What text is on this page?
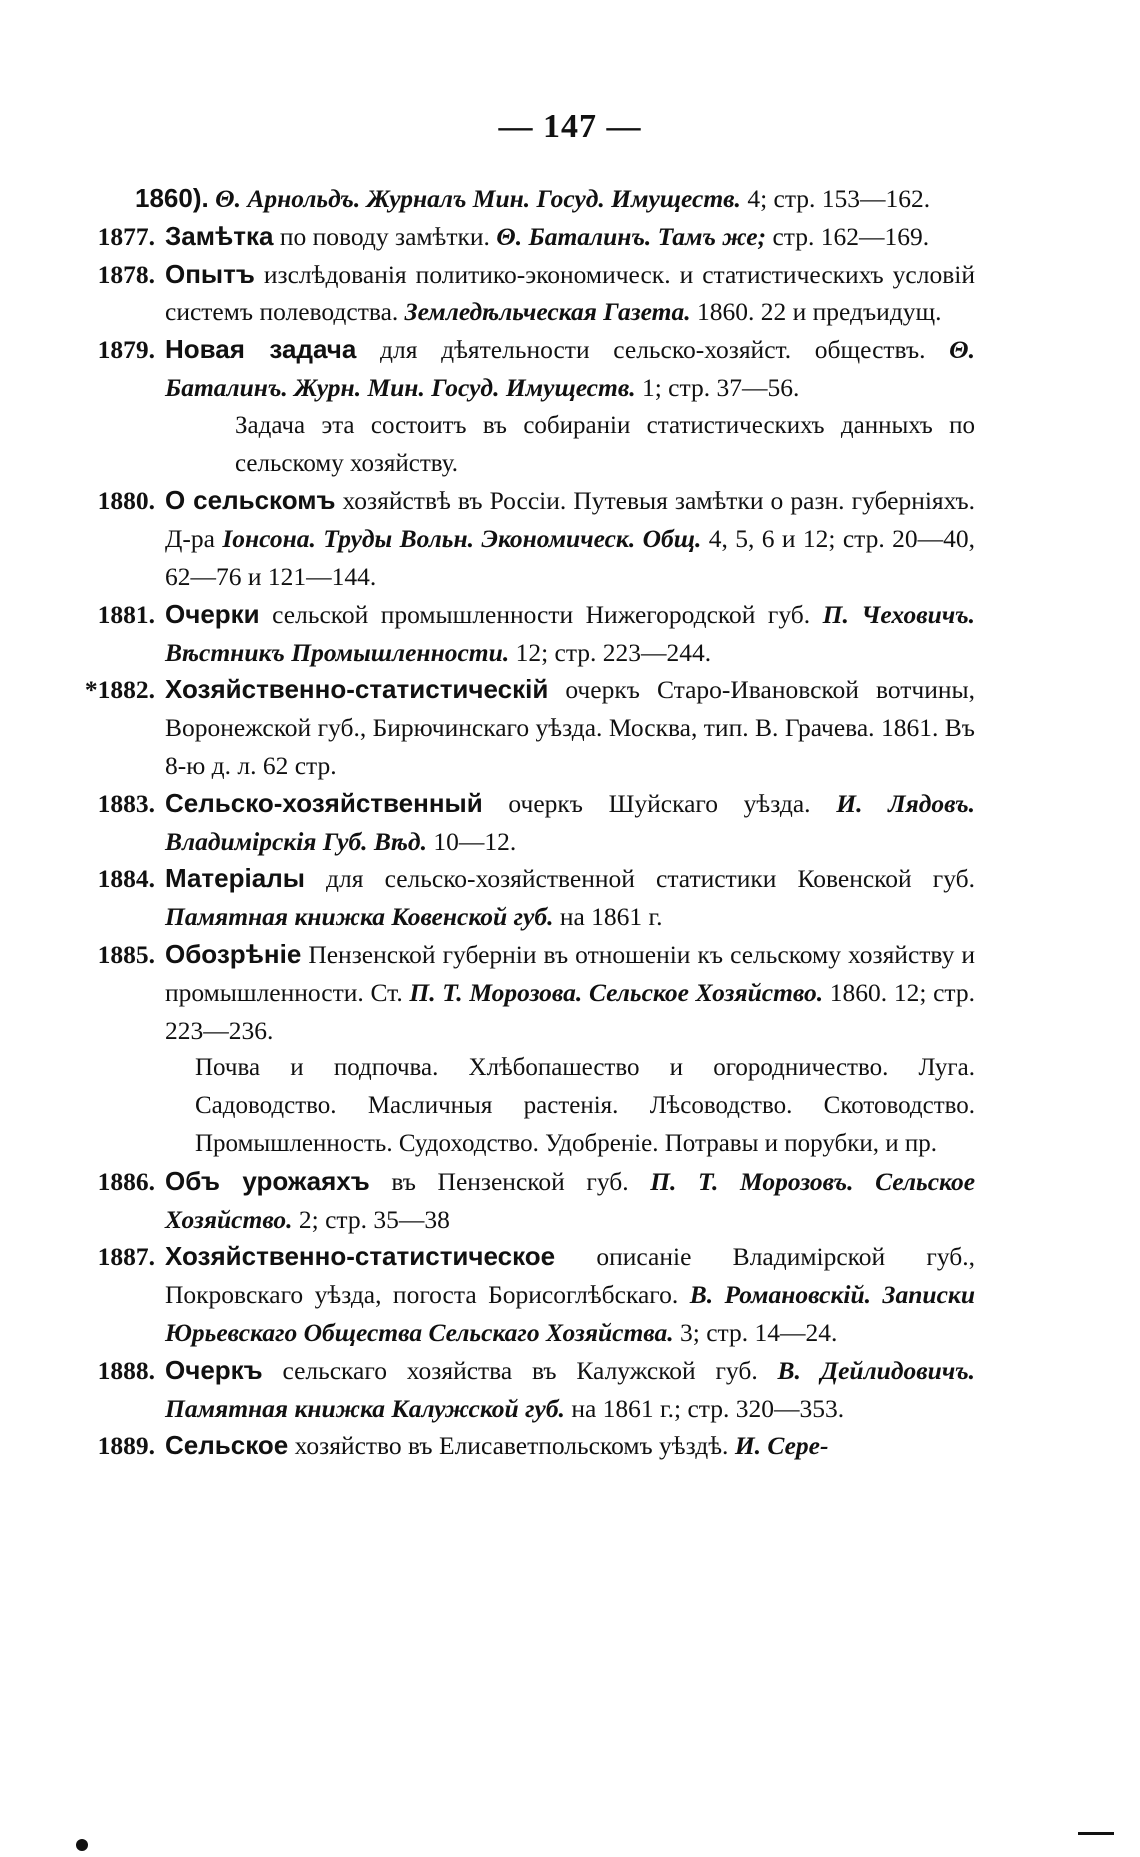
— 147 —
1860). Θ. Арнольдъ. Журналъ Мин. Госуд. Имуществ. 4; стр. 153—162.
1877. Замѣтка по поводу замѣтки. Θ. Баталинъ. Тамъ же; стр. 162—169.
1878. Опытъ изслѣдованія политико-экономическ. и статистическихъ условій системъ полеводства. Земледѣльческая Газета. 1860. 22 и предъидущ.
1879. Новая задача для дѣятельности сельско-хозяйст. обществъ. Θ. Баталинъ. Журн. Мин. Госуд. Имуществ. 1; стр. 37—56.
Задача эта состоитъ въ собираніи статистическихъ данныхъ по сельскому хозяйству.
1880. О сельскомъ хозяйствѣ въ Россіи. Путевыя замѣтки о разн. губерніяхъ. Д-ра Іонсона. Труды Вольн. Экономическ. Общ. 4, 5, 6 и 12; стр. 20—40, 62—76 и 121—144.
1881. Очерки сельской промышленности Нижегородской губ. П. Чеховичъ. Вѣстникъ Промышленности. 12; стр. 223—244.
*1882. Хозяйственно-статистическій очеркъ Старо-Ивановской вотчины, Воронежской губ., Бирючинскаго уѣзда. Москва, тип. В. Грачева. 1861. Въ 8-ю д. л. 62 стр.
1883. Сельско-хозяйственный очеркъ Шуйскаго уѣзда. И. Лядовъ. Владимірскія Губ. Вѣд. 10—12.
1884. Матеріалы для сельско-хозяйственной статистики Ковенской губ. Памятная книжка Ковенской губ. на 1861 г.
1885. Обозрѣніе Пензенской губерніи въ отношеніи къ сельскому хозяйству и промышленности. Ст. П. Т. Морозова. Сельское Хозяйство. 1860. 12; стр. 223—236.
Почва и подпочва. Хлѣбопашество и огородничество. Луга. Садоводство. Масличныя растенія. Лѣсоводство. Скотоводство. Промышленность. Судоходство. Удобреніе. Потравы и порубки, и пр.
1886. Объ урожаяхъ въ Пензенской губ. П. Т. Морозовъ. Сельское Хозяйство. 2; стр. 35—38
1887. Хозяйственно-статистическое описаніе Владимірской губ., Покровскаго уѣзда, погоста Борисоглѣбскаго. В. Романовскій. Записки Юрьевскаго Общества Сельскаго Хозяйства. 3; стр. 14—24.
1888. Очеркъ сельскаго хозяйства въ Калужской губ. В. Дейлидовичъ. Памятная книжка Калужской губ. на 1861 г.; стр. 320—353.
1889. Сельское хозяйство въ Елисаветпольскомъ уѣздѣ. И. Сере-
